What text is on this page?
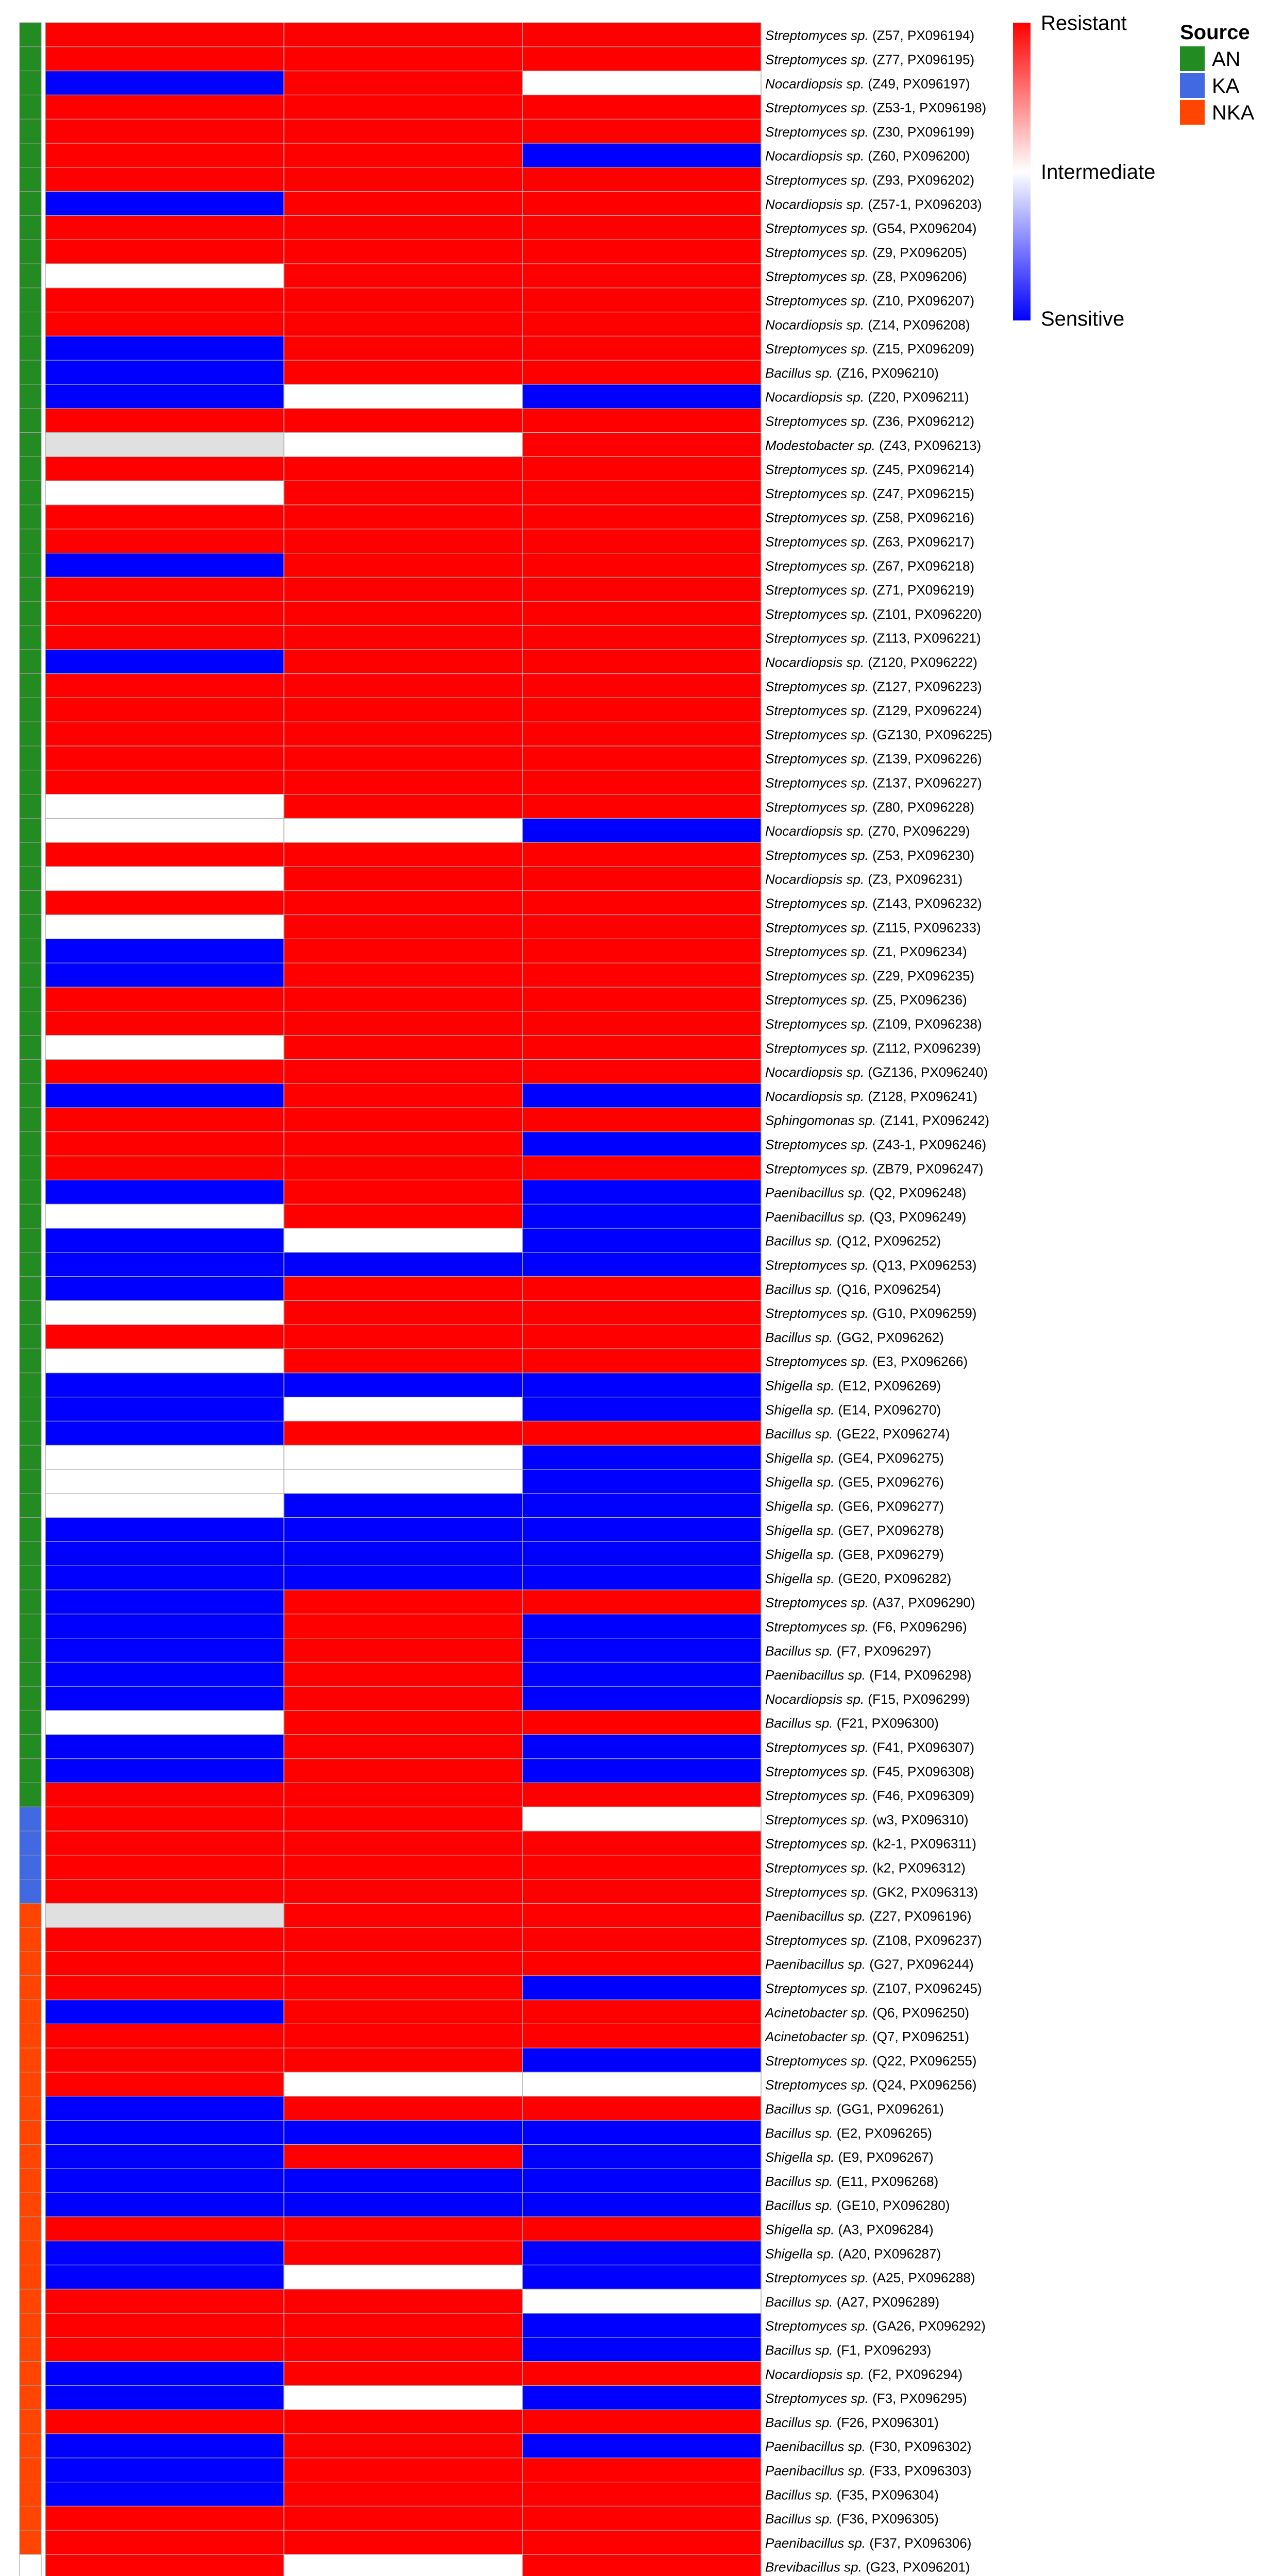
Streptomyces sp. (Z57, PX096194)
Streptomyces sp. (Z77, PX096195)
Nocardiopsis sp. (Z49, PX096197)
Streptomyces sp. (Z53-1, PX096198)
Streptomyces sp. (Z30, PX096199)
Nocardiopsis sp. (Z60, PX096200)
Streptomyces sp. (Z93, PX096202)
Nocardiopsis sp. (Z57-1, PX096203)
Streptomyces sp. (G54, PX096204)
Streptomyces sp. (Z9, PX096205)
Streptomyces sp. (Z8, PX096206)
Streptomyces sp. (Z10, PX096207)
Nocardiopsis sp. (Z14, PX096208)
Streptomyces sp. (Z15, PX096209)
Bacillus sp. (Z16, PX096210)
Nocardiopsis sp. (Z20, PX096211)
Streptomyces sp. (Z36, PX096212)
Modestobacter sp. (Z43, PX096213)
Streptomyces sp. (Z45, PX096214)
Streptomyces sp. (Z47, PX096215)
Streptomyces sp. (Z58, PX096216)
Streptomyces sp. (Z63, PX096217)
Streptomyces sp. (Z67, PX096218)
Streptomyces sp. (Z71, PX096219)
Streptomyces sp. (Z101, PX096220)
Streptomyces sp. (Z113, PX096221)
Nocardiopsis sp. (Z120, PX096222)
Streptomyces sp. (Z127, PX096223)
Streptomyces sp. (Z129, PX096224)
Streptomyces sp. (GZ130, PX096225)
Streptomyces sp. (Z139, PX096226)
Streptomyces sp. (Z137, PX096227)
Streptomyces sp. (Z80, PX096228)
Nocardiopsis sp. (Z70, PX096229)
Streptomyces sp. (Z53, PX096230)
Nocardiopsis sp. (Z3, PX096231)
Streptomyces sp. (Z143, PX096232)
Streptomyces sp. (Z115, PX096233)
Streptomyces sp. (Z1, PX096234)
Streptomyces sp. (Z29, PX096235)
Streptomyces sp. (Z5, PX096236)
Streptomyces sp. (Z109, PX096238)
Streptomyces sp. (Z112, PX096239)
Nocardiopsis sp. (GZ136, PX096240)
Nocardiopsis sp. (Z128, PX096241)
Sphingomonas sp. (Z141, PX096242)
Streptomyces sp. (Z43-1, PX096246)
Streptomyces sp. (ZB79, PX096247)
Paenibacillus sp. (Q2, PX096248)
Paenibacillus sp. (Q3, PX096249)
Bacillus sp. (Q12, PX096252)
Streptomyces sp. (Q13, PX096253)
Bacillus sp. (Q16, PX096254)
Streptomyces sp. (G10, PX096259)
Bacillus sp. (GG2, PX096262)
Streptomyces sp. (E3, PX096266)
Shigella sp. (E12, PX096269)
Shigella sp. (E14, PX096270)
Bacillus sp. (GE22, PX096274)
Shigella sp. (GE4, PX096275)
Shigella sp. (GE5, PX096276)
Shigella sp. (GE6, PX096277)
Shigella sp. (GE7, PX096278)
Shigella sp. (GE8, PX096279)
Shigella sp. (GE20, PX096282)
Streptomyces sp. (A37, PX096290)
Streptomyces sp. (F6, PX096296)
Bacillus sp. (F7, PX096297)
Paenibacillus sp. (F14, PX096298)
Nocardiopsis sp. (F15, PX096299)
Bacillus sp. (F21, PX096300)
Streptomyces sp. (F41, PX096307)
Streptomyces sp. (F45, PX096308)
Streptomyces sp. (F46, PX096309)
Streptomyces sp. (w3, PX096310)
Streptomyces sp. (k2-1, PX096311)
Streptomyces sp. (k2, PX096312)
Streptomyces sp. (GK2, PX096313)
Paenibacillus sp. (Z27, PX096196)
Streptomyces sp. (Z108, PX096237)
Paenibacillus sp. (G27, PX096244)
Streptomyces sp. (Z107, PX096245)
Acinetobacter sp. (Q6, PX096250)
Acinetobacter sp. (Q7, PX096251)
Streptomyces sp. (Q22, PX096255)
Streptomyces sp. (Q24, PX096256)
Bacillus sp. (GG1, PX096261)
Bacillus sp. (E2, PX096265)
Shigella sp. (E9, PX096267)
Bacillus sp. (E11, PX096268)
Bacillus sp. (GE10, PX096280)
Shigella sp. (A3, PX096284)
Shigella sp. (A20, PX096287)
Streptomyces sp. (A25, PX096288)
Bacillus sp. (A27, PX096289)
Streptomyces sp. (GA26, PX096292)
Bacillus sp. (F1, PX096293)
Nocardiopsis sp. (F2, PX096294)
Streptomyces sp. (F3, PX096295)
Bacillus sp. (F26, PX096301)
Paenibacillus sp. (F30, PX096302)
Paenibacillus sp. (F33, PX096303)
Bacillus sp. (F35, PX096304)
Bacillus sp. (F36, PX096305)
Paenibacillus sp. (F37, PX096306)
Brevibacillus sp. (G23, PX096201)
Resistant
Intermediate
Sensitive
Source
AN
KA
NKA
